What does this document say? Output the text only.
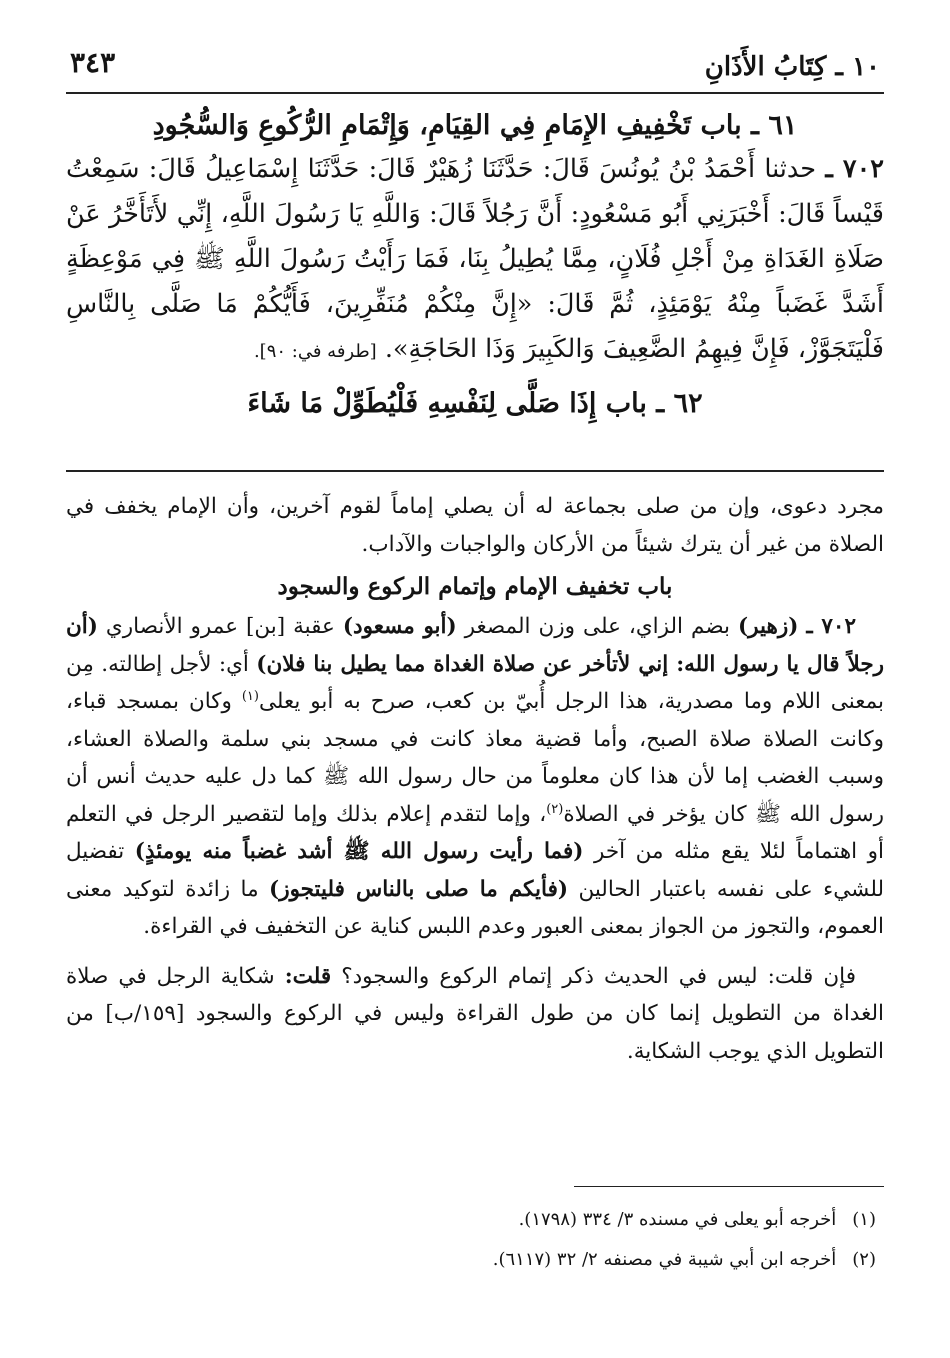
١٠ ـ كِتَابُ الأَذَانِ
٣٤٣
٦١ ـ باب تَخْفِيفِ الإِمَامِ فِي القِيَامِ، وَإِتْمَامِ الرُّكُوعِ وَالسُّجُودِ

٧٠٢ ـ حدثنا أَحْمَدُ بْنُ يُونُسَ قَالَ: حَدَّثَنَا زُهَيْرٌ قَالَ: حَدَّثَنَا إِسْمَاعِيلُ قَالَ: سَمِعْتُ قَيْساً قَالَ: أَخْبَرَنِي أَبُو مَسْعُودٍ: أَنَّ رَجُلاً قَالَ: وَاللَّهِ يَا رَسُولَ اللَّهِ، إِنِّي لأَتَأَخَّرُ عَنْ صَلَاةِ الغَدَاةِ مِنْ أَجْلِ فُلَانٍ، مِمَّا يُطِيلُ بِنَا، فَمَا رَأَيْتُ رَسُولَ اللَّهِ ﷺ فِي مَوْعِظَةٍ أَشَدَّ غَضَباً مِنْهُ يَوْمَئِذٍ، ثُمَّ قَالَ: «إِنَّ مِنْكُمْ مُنَفِّرِينَ، فَأَيُّكُمْ مَا صَلَّى بِالنَّاسِ فَلْيَتَجَوَّزْ، فَإِنَّ فِيهِمُ الضَّعِيفَ وَالكَبِيرَ وَذَا الحَاجَةِ». [طرفه في: ٩٠].

٦٢ ـ باب إِذَا صَلَّى لِنَفْسِهِ فَلْيُطَوِّلْ مَا شَاءَ

مجرد دعوى، وإن من صلى بجماعة له أن يصلي إماماً لقوم آخرين، وأن الإمام يخفف في الصلاة من غير أن يترك شيئاً من الأركان والواجبات والآداب.

باب تخفيف الإمام وإتمام الركوع والسجود

٧٠٢ ـ (زهير) بضم الزاي، على وزن المصغر (أبو مسعود) عقبة [بن] عمرو الأنصاري (أن رجلاً قال يا رسول الله: إني لأتأخر عن صلاة الغداة مما يطيل بنا فلان) أي: لأجل إطالته. مِن بمعنى اللام وما مصدرية، هذا الرجل أُبيّ بن كعب، صرح به أبو يعلى$^{(١)}$ وكان بمسجد قباء، وكانت الصلاة صلاة الصبح، وأما قضية معاذ كانت في مسجد بني سلمة والصلاة العشاء، وسبب الغضب إما لأن هذا كان معلوماً من حال رسول الله ﷺ كما دل عليه حديث أنس أن رسول الله ﷺ كان يؤخر في الصلاة$^{(٢)}$، وإما لتقدم إعلام بذلك وإما لتقصير الرجل في التعلم أو اهتماماً لئلا يقع مثله من آخر (فما رأيت رسول الله ﷺ أشد غضباً منه يومئذٍ) تفضيل للشيء على نفسه باعتبار الحالين (فأيكم ما صلى بالناس فليتجوز) ما زائدة لتوكيد معنى العموم، والتجوز من الجواز بمعنى العبور وعدم اللبس كناية عن التخفيف في القراءة.

فإن قلت: ليس في الحديث ذكر إتمام الركوع والسجود؟ قلت: شكاية الرجل في صلاة الغداة من التطويل إنما كان من طول القراءة وليس في الركوع والسجود [١٥٩/ب] من التطويل الذي يوجب الشكاية.

(١)أخرجه أبو يعلى في مسنده ٣/ ٣٣٤ (١٧٩٨).

(٢)أخرجه ابن أبي شيبة في مصنفه ٢/ ٣٢ (٦١١٧).
